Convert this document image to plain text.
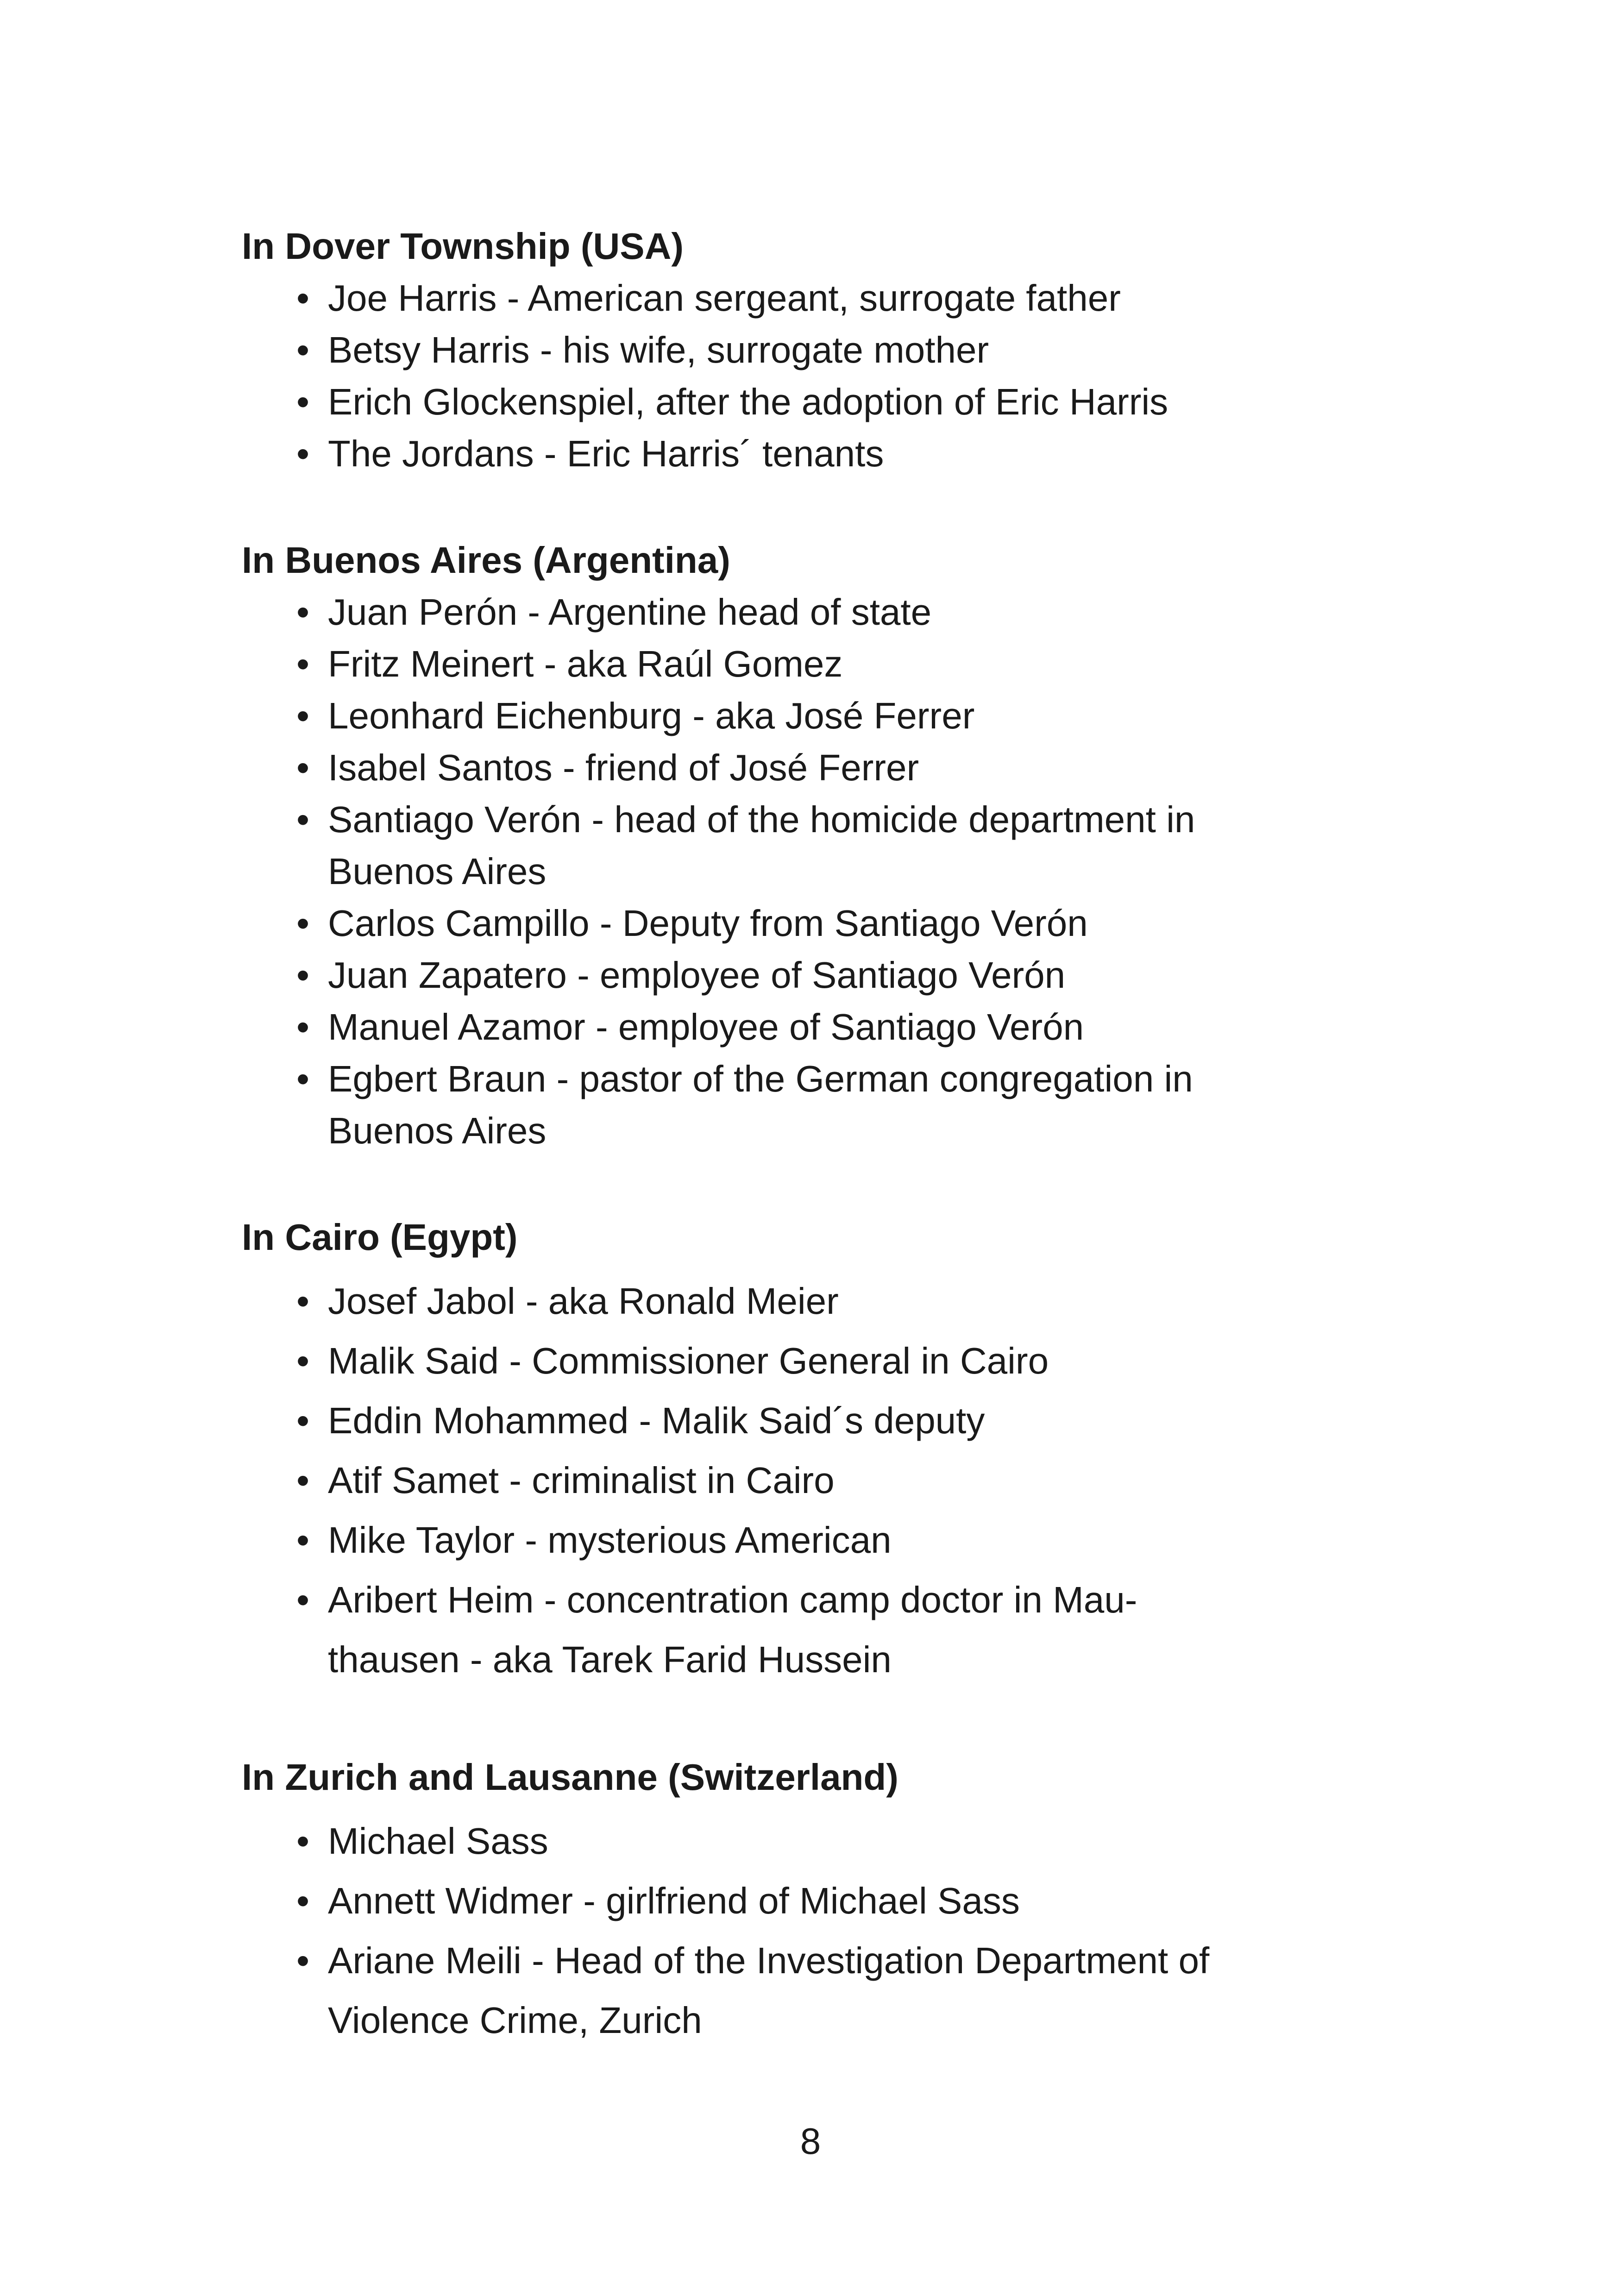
In Dover Township (USA)
• Joe Harris - American sergeant, surrogate father
• Betsy Harris - his wife, surrogate mother
• Erich Glockenspiel, after the adoption of Eric Harris
• The Jordans - Eric Harris´ tenants
In Buenos Aires (Argentina)
• Juan Perón - Argentine head of state
• Fritz Meinert - aka Raúl Gomez
• Leonhard Eichenburg - aka José Ferrer
• Isabel Santos - friend of José Ferrer
• Santiago Verón - head of the homicide department in
Buenos Aires
• Carlos Campillo - Deputy from Santiago Verón
• Juan Zapatero - employee of Santiago Verón
• Manuel Azamor - employee of Santiago Verón
• Egbert Braun - pastor of the German congregation in
Buenos Aires
In Cairo (Egypt)
• Josef Jabol - aka Ronald Meier
• Malik Said - Commissioner General in Cairo
• Eddin Mohammed - Malik Said´s deputy
• Atif Samet - criminalist in Cairo
• Mike Taylor - mysterious American
• Aribert Heim - concentration camp doctor in Mau-
thausen - aka Tarek Farid Hussein
In Zurich and Lausanne (Switzerland)
• Michael Sass
• Annett Widmer - girlfriend of Michael Sass
• Ariane Meili - Head of the Investigation Department of
Violence Crime, Zurich
8
